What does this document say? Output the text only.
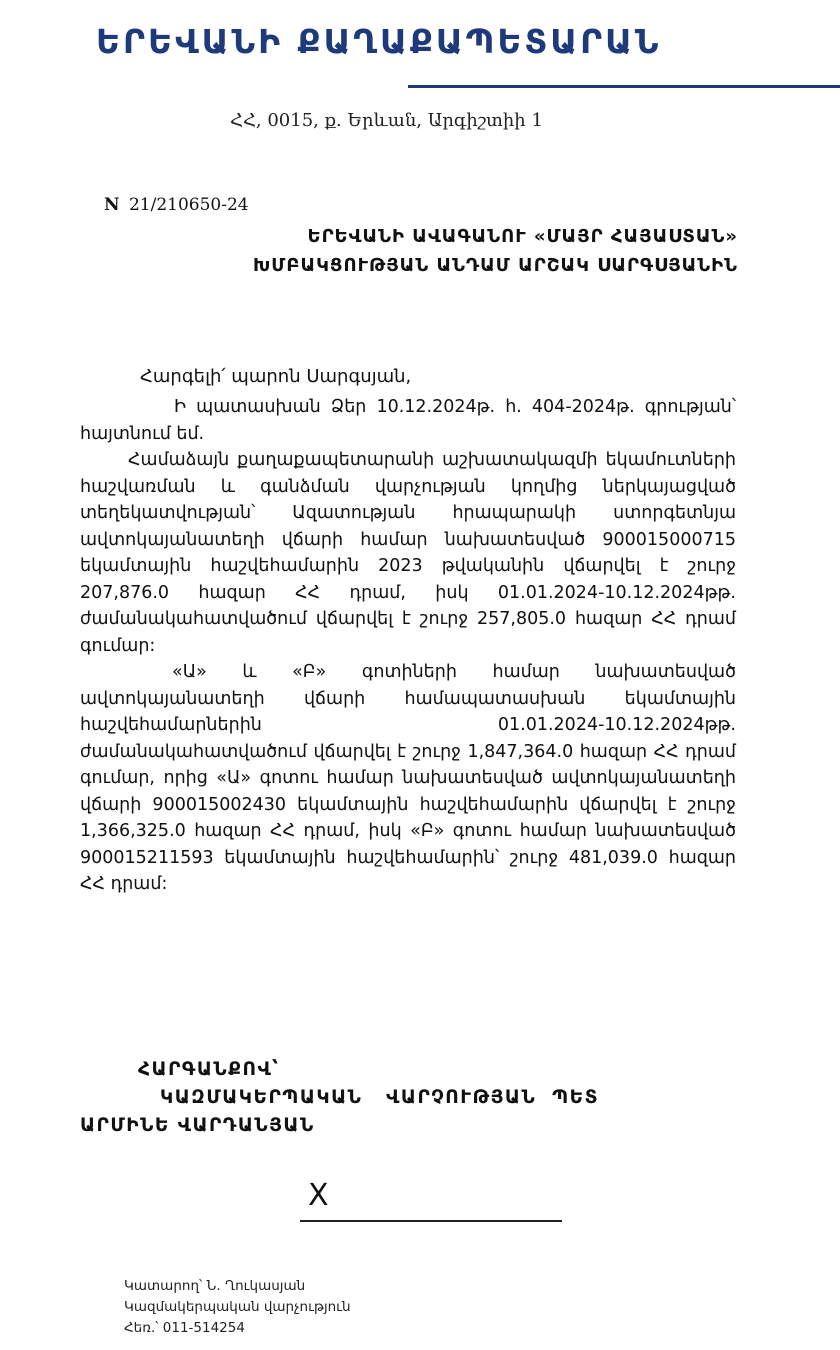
ԵՐԵՎԱՆԻ ՔԱՂԱՔԱՊԵՏԱՐԱՆ
ՀՀ, 0015, ք. Երևան, Արգիշտիի 1
N 21/210650-24
ԵՐԵՎԱՆԻ ԱՎԱԳԱՆՈՒ «ՄԱՅՐ ՀԱՅԱՍՏԱՆ»
ԽՄԲԱԿՑՈՒԹՅԱՆ ԱՆԴԱՄ ԱՐՇԱԿ ՍԱՐԳՍՅԱՆԻՆ
Հարգելի՛ պարոն Սարգսյան,

Ի պատասխան Ձեր 10.12.2024թ. հ. 404-2024թ. գրության՝ հայտնում եմ.

Համաձայն քաղաքապետարանի աշխատակազմի եկամուտների հաշվառման և գանձման վարչության կողմից ներկայացված տեղեկատվության՝ Ազատության հրապարակի ստորգետնյա ավտոկայանատեղի վճարի համար նախատեսված 900015000715 եկամտային հաշվեհամարին 2023 թվականին վճարվել է շուրջ 207,876.0 հազար ՀՀ դրամ, իսկ 01.01.2024-10.12.2024թթ. ժամանակահատվածում վճարվել է շուրջ 257,805.0 հազար ՀՀ դրամ գումար:

«Ա» և «Բ» գոտիների համար նախատեսված ավտոկայանատեղի վճարի համապատասխան եկամտային հաշվեհամարներին 01.01.2024-10.12.2024թթ. ժամանակահատվածում վճարվել է շուրջ 1,847,364.0 հազար ՀՀ դրամ գումար, որից «Ա» գոտու համար նախատեսված ավտոկայանատեղի վճարի 900015002430 եկամտային հաշվեհամարին վճարվել է շուրջ 1,366,325.0 հազար ՀՀ դրամ, իսկ «Բ» գոտու համար նախատեսված 900015211593 եկամտային հաշվեհամարին՝ շուրջ 481,039.0 հազար ՀՀ դրամ:

ՀԱՐԳԱՆՔՈՎ՝
ԿԱԶՄԱԿԵՐՊԱԿԱՆ   ՎԱՐՉՈՒԹՅԱՆ  ՊԵՏ
ԱՐՄԻՆԵ ՎԱՐԴԱՆՅԱՆ
X
Կատարող՝ Ն. Ղուկասյան
Կազմակերպական վարչություն
Հեռ.՝ 011-514254
